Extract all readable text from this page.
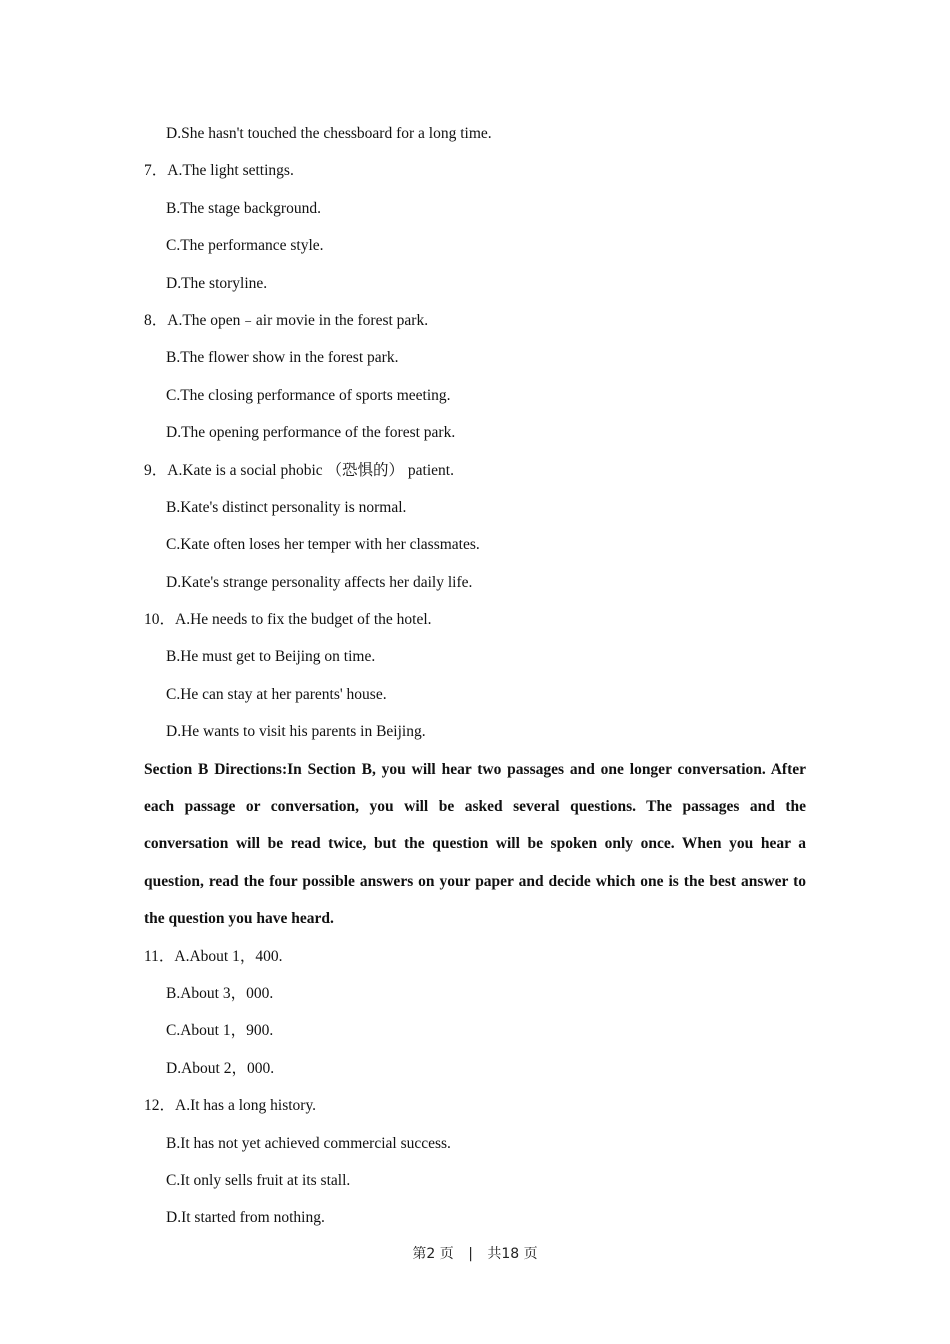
D.She hasn't touched the chessboard for a long time.
7．A.The light settings.
B.The stage background.
C.The performance style.
D.The storyline.
8．A.The open﹣air movie in the forest park.
B.The flower show in the forest park.
C.The closing performance of sports meeting.
D.The opening performance of the forest park.
9．A.Kate is a social phobic （恐惧的） patient.
B.Kate's distinct personality is normal.
C.Kate often loses her temper with her classmates.
D.Kate's strange personality affects her daily life.
10．A.He needs to fix the budget of the hotel.
B.He must get to Beijing on time.
C.He can stay at her parents' house.
D.He wants to visit his parents in Beijing.
Section B Directions:In Section B, you will hear two passages and one longer conversation. After each passage or conversation, you will be asked several questions. The passages and the conversation will be read twice, but the question will be spoken only once. When you hear a question, read the four possible answers on your paper and decide which one is the best answer to the question you have heard.
11．A.About 1，400.
B.About 3，000.
C.About 1，900.
D.About 2，000.
12．A.It has a long history.
B.It has not yet achieved commercial success.
C.It only sells fruit at its stall.
D.It started from nothing.
第2 页 | 共18 页
